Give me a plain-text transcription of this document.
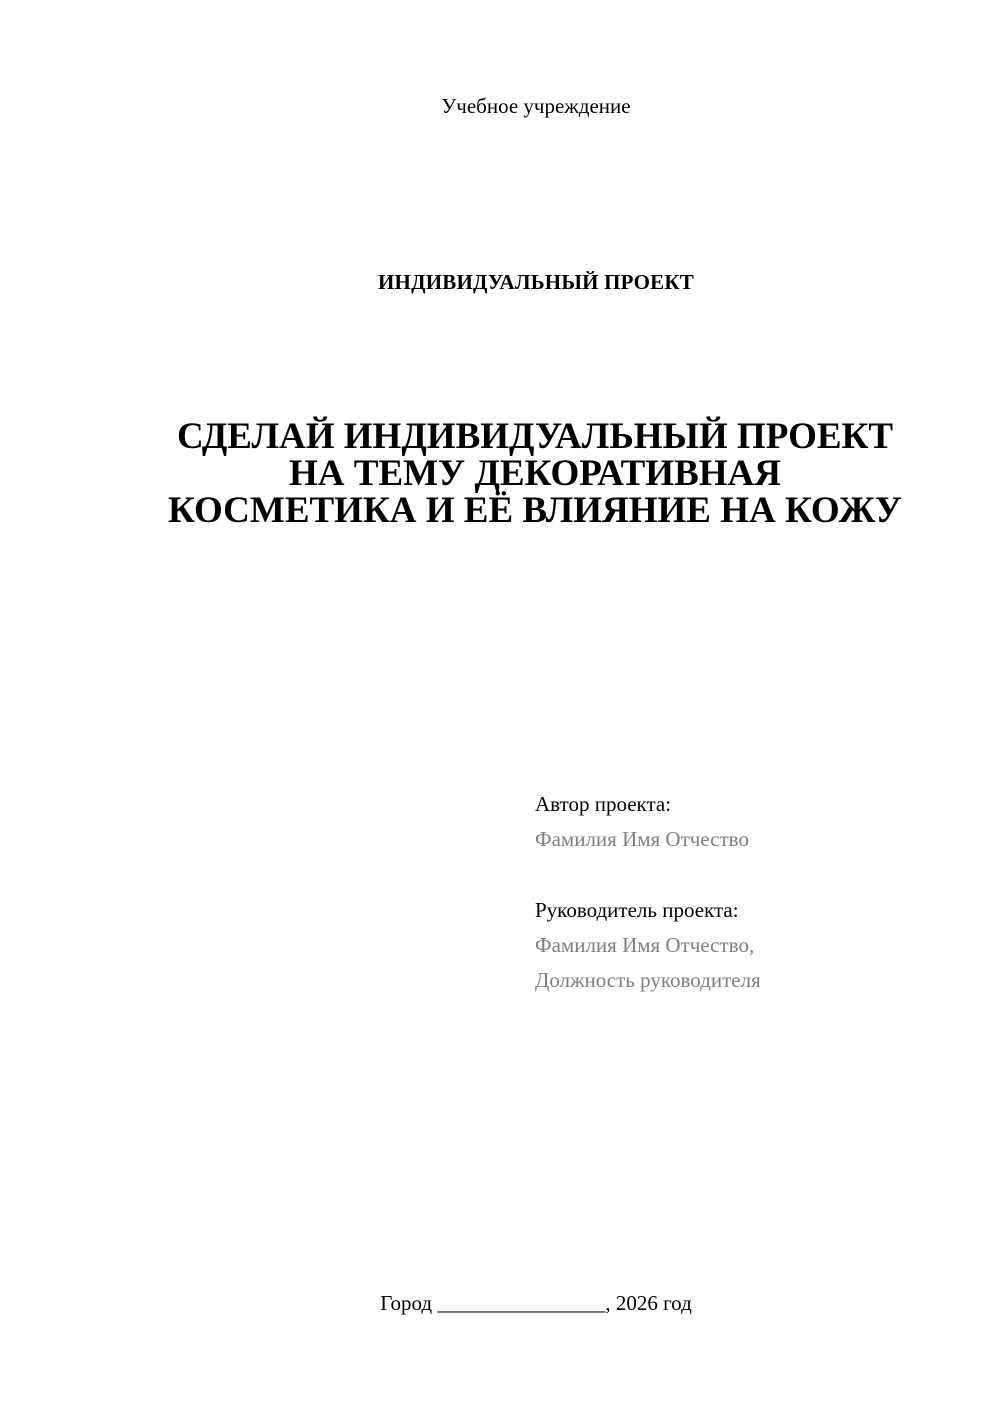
Учебное учреждение
ИНДИВИДУАЛЬНЫЙ ПРОЕКТ
СДЕЛАЙ ИНДИВИДУАЛЬНЫЙ ПРОЕКТ
НА ТЕМУ ДЕКОРАТИВНАЯ
КОСМЕТИКА И ЕЁ ВЛИЯНИЕ НА КОЖУ
Автор проекта:
Фамилия Имя Отчество
Руководитель проекта:
Фамилия Имя Отчество,
Должность руководителя
Город ________________, 2026 год
